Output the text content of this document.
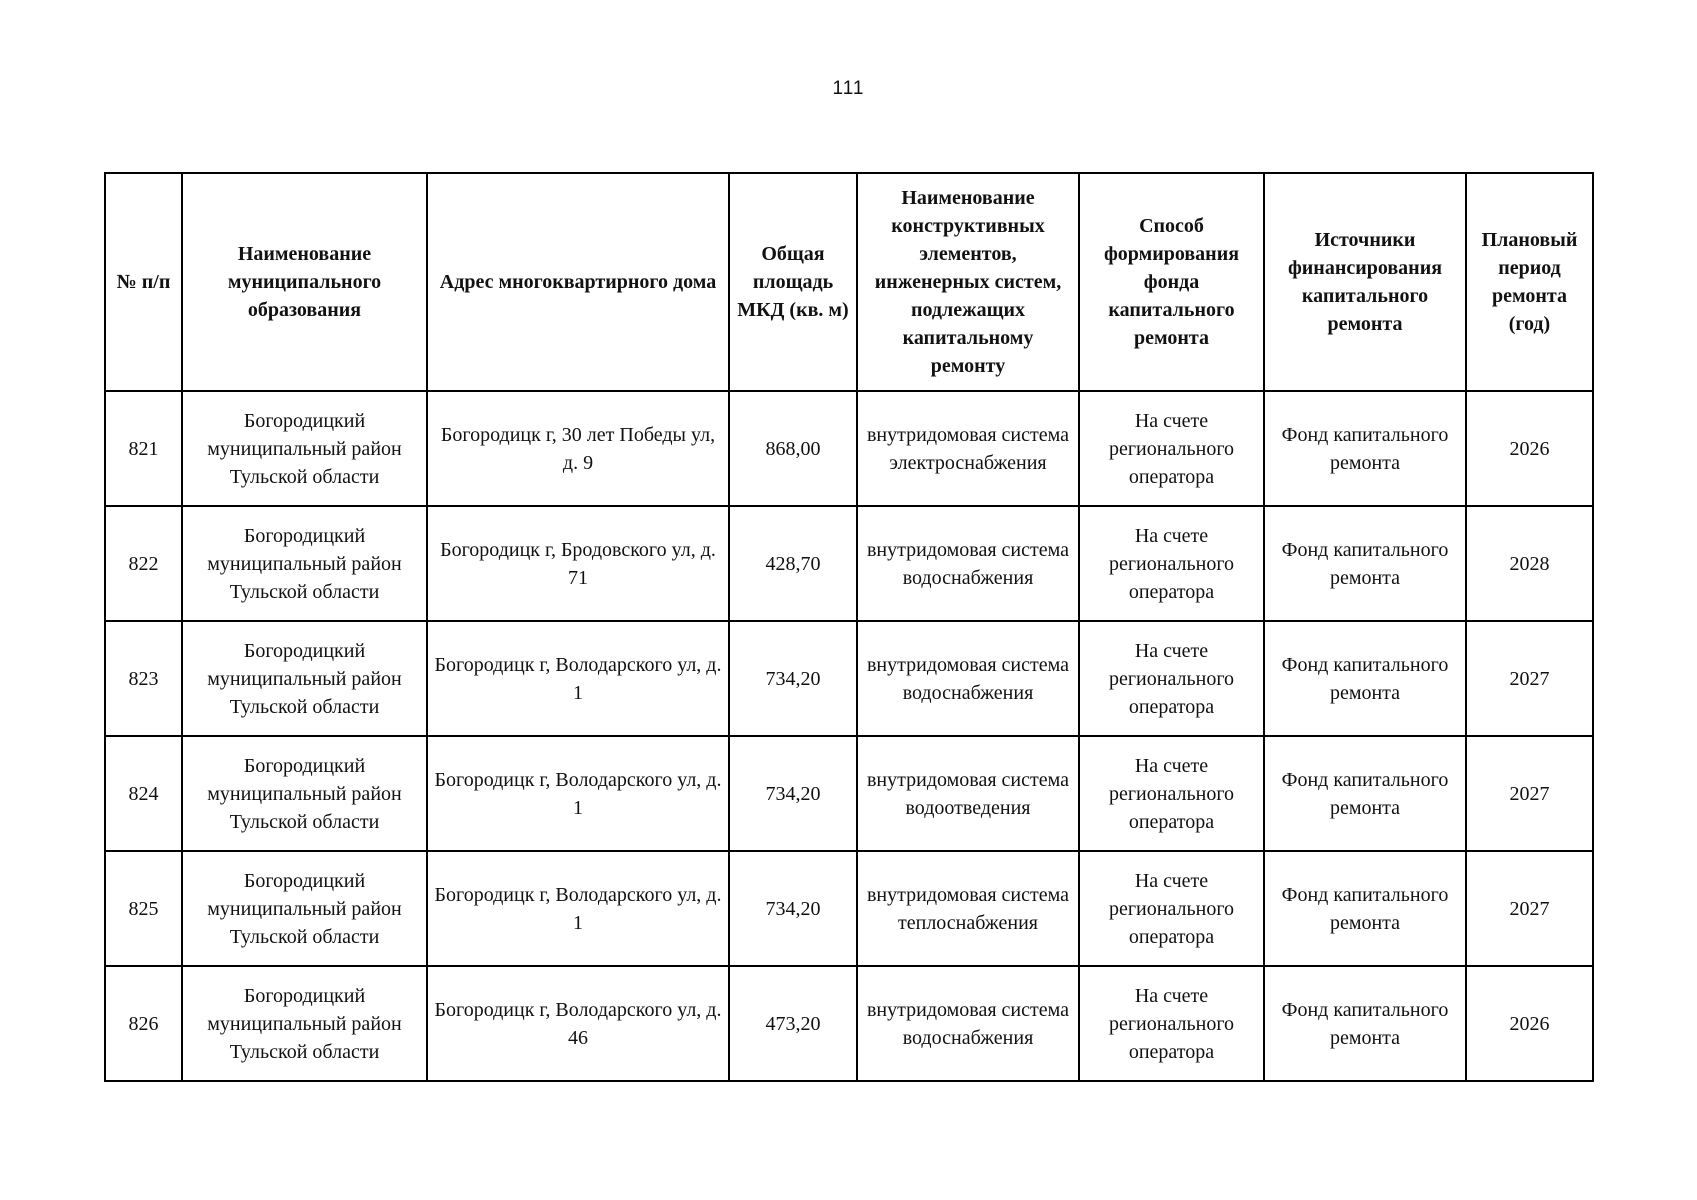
111
№ п/п	Наименование муниципального образования	Адрес многоквартирного дома	Общая площадь МКД (кв. м)	Наименование конструктивных элементов, инженерных систем, подлежащих капитальному ремонту	Способ формирования фонда капитального ремонта	Источники финансирования капитального ремонта	Плановый период ремонта (год)
821	Богородицкий муниципальный район Тульской области	Богородицк г, 30 лет Победы ул, д. 9	868,00	внутридомовая система электроснабжения	На счете регионального оператора	Фонд капитального ремонта	2026
822	Богородицкий муниципальный район Тульской области	Богородицк г, Бродовского ул, д. 71	428,70	внутридомовая система водоснабжения	На счете регионального оператора	Фонд капитального ремонта	2028
823	Богородицкий муниципальный район Тульской области	Богородицк г, Володарского ул, д. 1	734,20	внутридомовая система водоснабжения	На счете регионального оператора	Фонд капитального ремонта	2027
824	Богородицкий муниципальный район Тульской области	Богородицк г, Володарского ул, д. 1	734,20	внутридомовая система водоотведения	На счете регионального оператора	Фонд капитального ремонта	2027
825	Богородицкий муниципальный район Тульской области	Богородицк г, Володарского ул, д. 1	734,20	внутридомовая система теплоснабжения	На счете регионального оператора	Фонд капитального ремонта	2027
826	Богородицкий муниципальный район Тульской области	Богородицк г, Володарского ул, д. 46	473,20	внутридомовая система водоснабжения	На счете регионального оператора	Фонд капитального ремонта	2026
